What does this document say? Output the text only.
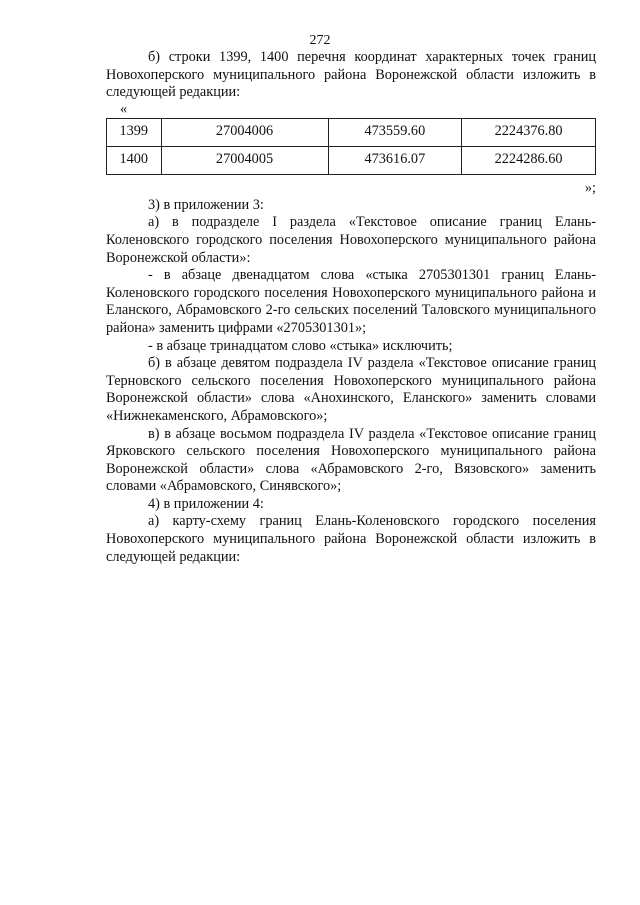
272

б) строки 1399, 1400 перечня координат характерных точек границ Новохоперского муниципального района Воронежской области изложить в следующей редакции:

«

1399	27004006	473559.60	2224376.80
1400	27004005	473616.07	2224286.60

»;

3) в приложении 3:

а) в подразделе I раздела «Текстовое описание границ Елань-Коленовского городского поселения Новохоперского муниципального района Воронежской области»:

- в абзаце двенадцатом слова «стыка 2705301301 границ Елань-Коленовского городского поселения Новохоперского муниципального района и Еланского, Абрамовского 2-го сельских поселений Таловского муниципального района» заменить цифрами «2705301301»;

- в абзаце тринадцатом слово «стыка» исключить;

б) в абзаце девятом подраздела IV раздела «Текстовое описание границ Терновского сельского поселения Новохоперского муниципального района Воронежской области» слова «Анохинского, Еланского» заменить словами «Нижнекаменского, Абрамовского»;

в) в абзаце восьмом подраздела IV раздела «Текстовое описание границ Ярковского сельского поселения Новохоперского муниципального района Воронежской области» слова «Абрамовского 2-го, Вязовского» заменить словами «Абрамовского, Синявского»;

4) в приложении 4:

а) карту-схему границ Елань-Коленовского городского поселения Новохоперского муниципального района Воронежской области изложить в следующей редакции:
